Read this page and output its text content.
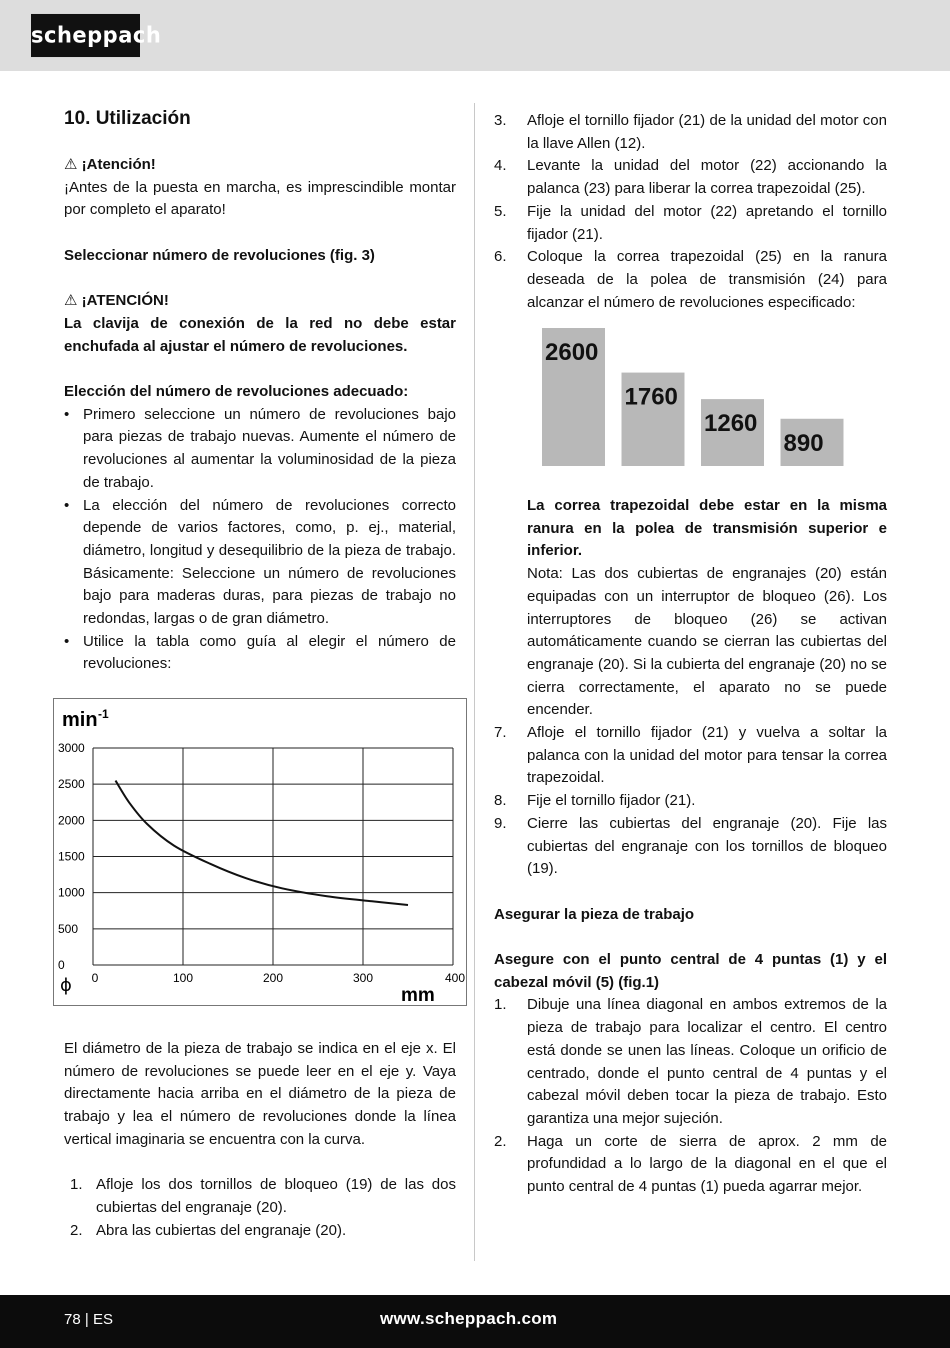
scheppach
10. Utilización

⚠ ¡Atención!

¡Antes de la puesta en marcha, es imprescindible montar por completo el aparato!

Seleccionar número de revoluciones (fig. 3)

⚠ ¡ATENCIÓN!

La clavija de conexión de la red no debe estar enchufada al ajustar el número de revoluciones.

Elección del número de revoluciones adecuado:

• Primero seleccione un número de revoluciones bajo para piezas de trabajo nuevas. Aumente el número de revoluciones al aumentar la voluminosidad de la pieza de trabajo.
• La elección del número de revoluciones correcto depende de varios factores, como, p. ej., material, diámetro, longitud y desequilibrio de la pieza de trabajo. Básicamente: Seleccione un número de revoluciones bajo para maderas duras, para piezas de trabajo no redondas, largas o de gran diámetro.
• Utilice la tabla como guía al elegir el número de revoluciones:
min -1
mm
ϕ
3000
2500
2000
1500
1000
500
0
0	100	200	300	400

El diámetro de la pieza de trabajo se indica en el eje x. El número de revoluciones se puede leer en el eje y. Vaya directamente hacia arriba en el diámetro de la pieza de trabajo y lea el número de revoluciones donde la línea vertical imaginaria se encuentra con la curva.

1. Afloje los dos tornillos de bloqueo (19) de las dos cubiertas del engranaje (20).
2. Abra las cubiertas del engranaje (20).
3. Afloje el tornillo fijador (21) de la unidad del motor con la llave Allen (12).
4. Levante la unidad del motor (22) accionando la palanca (23) para liberar la correa trapezoidal (25).
5. Fije la unidad del motor (22) apretando el tornillo fijador (21).
6. Coloque la correa trapezoidal (25) en la ranura deseada de la polea de transmisión (24) para alcanzar el número de revoluciones especificado:
2600
1760
1260
890

La correa trapezoidal debe estar en la misma ranura en la polea de transmisión superior e inferior.

Nota: Las dos cubiertas de engranajes (20) están equipadas con un interruptor de bloqueo (26). Los interruptores de bloqueo (26) se activan automáticamente cuando se cierran las cubiertas del engranaje (20). Si la cubierta del engranaje (20) no se cierra correctamente, el aparato no se puede encender.

7. Afloje el tornillo fijador (21) y vuelva a soltar la palanca con la unidad del motor para tensar la correa trapezoidal.
8. Fije el tornillo fijador (21).
9. Cierre las cubiertas del engranaje (20). Fije las cubiertas del engranaje con los tornillos de bloqueo (19).

Asegurar la pieza de trabajo

Asegure con el punto central de 4 puntas (1) y el cabezal móvil (5) (fig.1)

1. Dibuje una línea diagonal en ambos extremos de la pieza de trabajo para localizar el centro. El centro está donde se unen las líneas. Coloque un orificio de centrado, donde el punto central de 4 puntas y el cabezal móvil deben tocar la pieza de trabajo. Esto garantiza una mejor sujeción.
2. Haga un corte de sierra de aprox. 2 mm de profundidad a lo largo de la diagonal en el que el punto central de 4 puntas (1) pueda agarrar mejor.
78 | ES	www.scheppach.com
